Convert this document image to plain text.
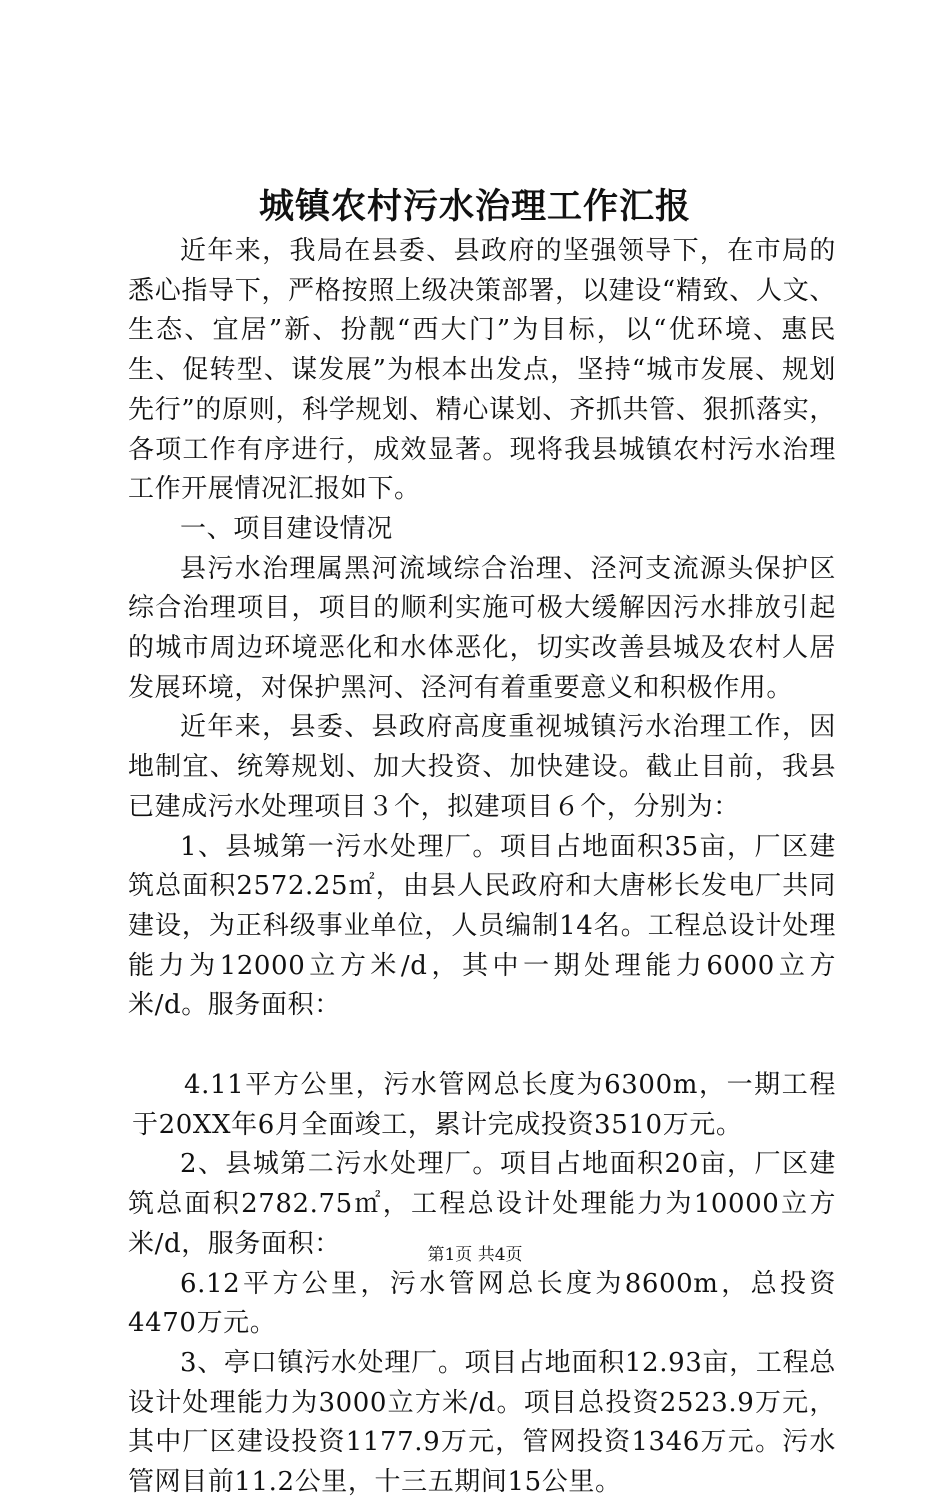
城镇农村污水治理工作汇报

近年来，我局在县委、县政府的坚强领导下，在市局的悉心指导下，严格按照上级决策部署，以建设“精致、人文、生态、宜居”新、扮靓“西大门”为目标，以“优环境、惠民生、促转型、谋发展”为根本出发点，坚持“城市发展、规划先行”的原则，科学规划、精心谋划、齐抓共管、狠抓落实，各项工作有序进行，成效显著。现将我县城镇农村污水治理工作开展情况汇报如下。

一、项目建设情况

县污水治理属黑河流域综合治理、泾河支流源头保护区综合治理项目，项目的顺利实施可极大缓解因污水排放引起的城市周边环境恶化和水体恶化，切实改善县城及农村人居发展环境，对保护黑河、泾河有着重要意义和积极作用。

近年来，县委、县政府高度重视城镇污水治理工作，因地制宜、统筹规划、加大投资、加快建设。截止目前，我县已建成污水处理项目３个，拟建项目６个，分别为：

1、县城第一污水处理厂。项目占地面积35亩，厂区建筑总面积2572.25㎡，由县人民政府和大唐彬长发电厂共同建设，为正科级事业单位，人员编制14名。工程总设计处理能力为12000立方米/d，其中一期处理能力6000立方米/d。服务面积：

4.11平方公里，污水管网总长度为6300m，一期工程于20XX年6月全面竣工，累计完成投资3510万元。

2、县城第二污水处理厂。项目占地面积20亩，厂区建筑总面积2782.75㎡，工程总设计处理能力为10000立方米/d，服务面积：

6.12平方公里，污水管网总长度为8600m，总投资4470万元。

3、亭口镇污水处理厂。项目占地面积12.93亩，工程总设计处理能力为3000立方米/d。项目总投资2523.9万元，其中厂区建设投资1177.9万元，管网投资1346万元。污水管网目前11.2公里，十三五期间15公里。

第1页 共4页
